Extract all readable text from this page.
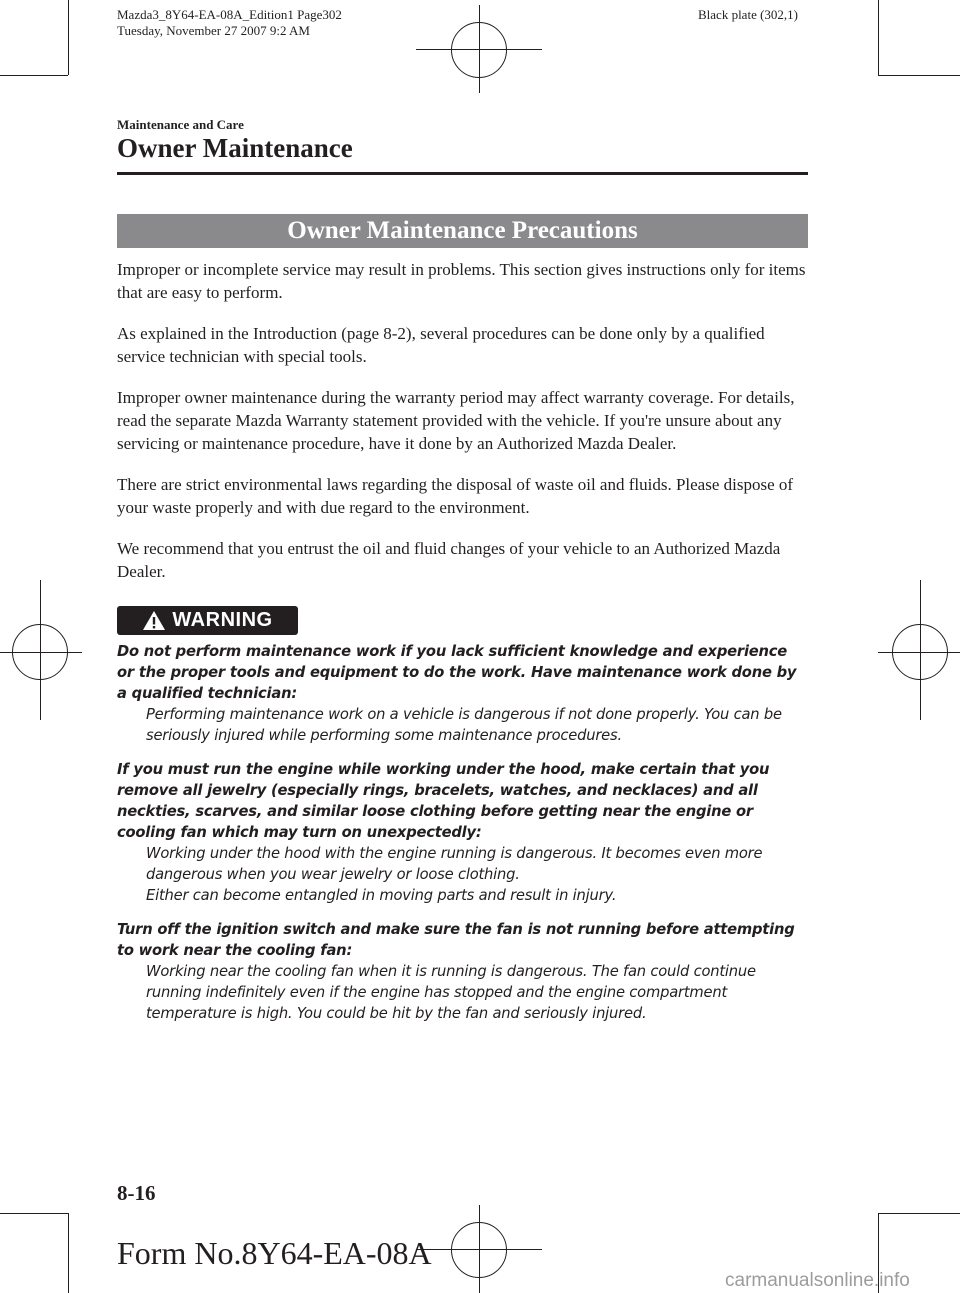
Mazda3_8Y64-EA-08A_Edition1 Page302
Tuesday, November 27 2007 9:2 AM
Black plate (302,1)
Maintenance and Care
Owner Maintenance
Owner Maintenance Precautions

Improper or incomplete service may result in problems. This section gives instructions only for items that are easy to perform.

As explained in the Introduction (page 8-2), several procedures can be done only by a qualified service technician with special tools.

Improper owner maintenance during the warranty period may affect warranty coverage. For details, read the separate Mazda Warranty statement provided with the vehicle. If you're unsure about any servicing or maintenance procedure, have it done by an Authorized Mazda Dealer.

There are strict environmental laws regarding the disposal of waste oil and fluids. Please dispose of your waste properly and with due regard to the environment.

We recommend that you entrust the oil and fluid changes of your vehicle to an Authorized Mazda Dealer.

WARNING
Do not perform maintenance work if you lack sufficient knowledge and experience or the proper tools and equipment to do the work. Have maintenance work done by a qualified technician:
Performing maintenance work on a vehicle is dangerous if not done properly. You can be seriously injured while performing some maintenance procedures.
If you must run the engine while working under the hood, make certain that you remove all jewelry (especially rings, bracelets, watches, and necklaces) and all neckties, scarves, and similar loose clothing before getting near the engine or cooling fan which may turn on unexpectedly:
Working under the hood with the engine running is dangerous. It becomes even more dangerous when you wear jewelry or loose clothing.
Either can become entangled in moving parts and result in injury.
Turn off the ignition switch and make sure the fan is not running before attempting to work near the cooling fan:
Working near the cooling fan when it is running is dangerous. The fan could continue running indefinitely even if the engine has stopped and the engine compartment temperature is high. You could be hit by the fan and seriously injured.
8-16
Form No.8Y64-EA-08A
carmanualsonline.info
